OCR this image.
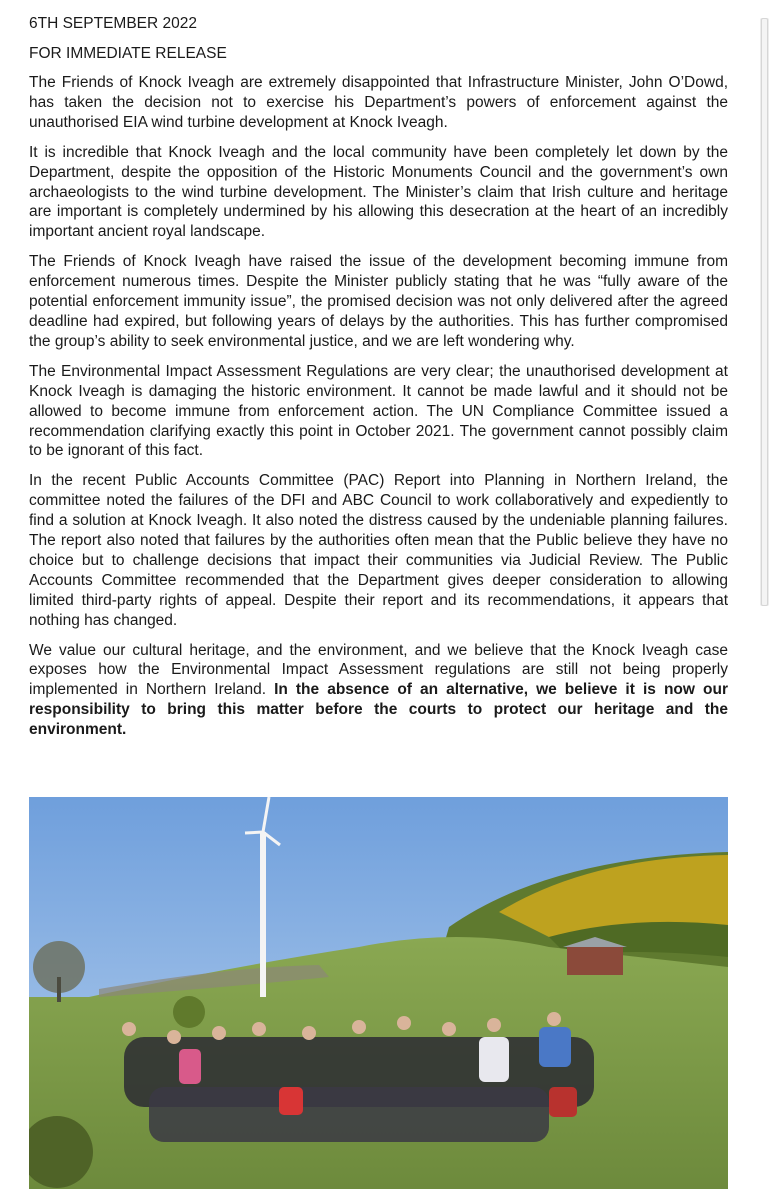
6TH SEPTEMBER 2022

FOR IMMEDIATE RELEASE

The Friends of Knock Iveagh are extremely disappointed that Infrastructure Minister, John O’Dowd, has taken the decision not to exercise his Department’s powers of enforcement against the unauthorised EIA wind turbine development at Knock Iveagh.

It is incredible that Knock Iveagh and the local community have been completely let down by the Department, despite the opposition of the Historic Monuments Council and the government’s own archaeologists to the wind turbine development. The Minister’s claim that Irish culture and heritage are important is completely undermined by his allowing this desecration at the heart of an incredibly important ancient royal landscape.

The Friends of Knock Iveagh have raised the issue of the development becoming immune from enforcement numerous times. Despite the Minister publicly stating that he was “fully aware of the potential enforcement immunity issue”, the promised decision was not only delivered after the agreed deadline had expired, but following years of delays by the authorities. This has further compromised the group’s ability to seek environmental justice, and we are left wondering why.

The Environmental Impact Assessment Regulations are very clear; the unauthorised development at Knock Iveagh is damaging the historic environment. It cannot be made lawful and it should not be allowed to become immune from enforcement action. The UN Compliance Committee issued a recommendation clarifying exactly this point in October 2021. The government cannot possibly claim to be ignorant of this fact.

In the recent Public Accounts Committee (PAC) Report into Planning in Northern Ireland, the committee noted the failures of the DFI and ABC Council to work collaboratively and expediently to find a solution at Knock Iveagh. It also noted the distress caused by the undeniable planning failures. The report also noted that failures by the authorities often mean that the Public believe they have no choice but to challenge decisions that impact their communities via Judicial Review. The Public Accounts Committee recommended that the Department gives deeper consideration to allowing limited third-party rights of appeal. Despite their report and its recommendations, it appears that nothing has changed.

We value our cultural heritage, and the environment, and we believe that the Knock Iveagh case exposes how the Environmental Impact Assessment regulations are still not being properly implemented in Northern Ireland. In the absence of an alternative, we believe it is now our responsibility to bring this matter before the courts to protect our heritage and the environment.
